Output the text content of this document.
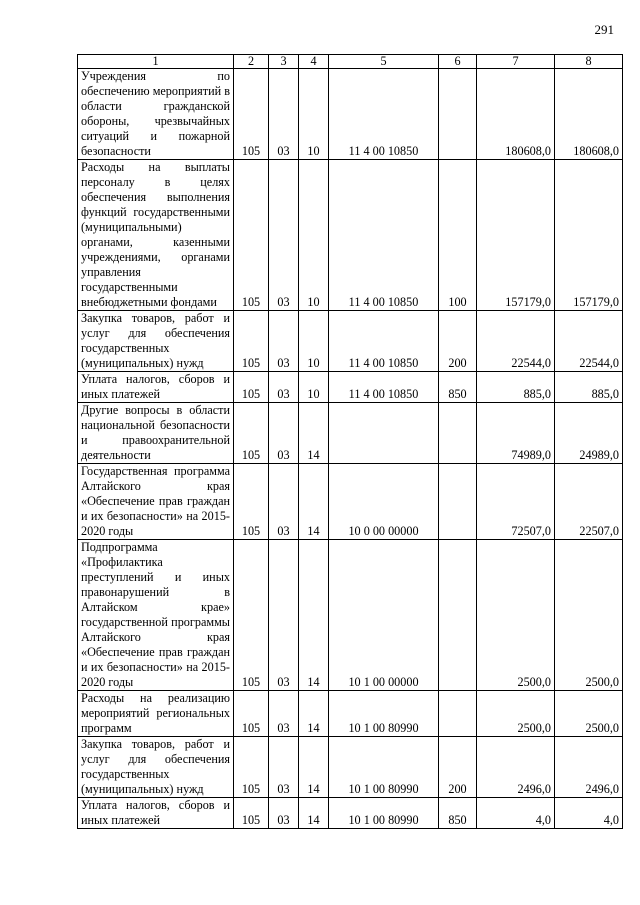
291
1	2	3	4	5	6	7	8
Учреждения по обеспечению мероприятий в области гражданской обороны, чрезвычайных ситуаций и пожарной безопасности	105	03	10	11 4 00 10850		180608,0	180608,0
Расходы на выплаты персоналу в целях обеспечения выполнения функций государственными (муниципальными) органами, казенными учреждениями, органами управления государственными внебюджетными фондами	105	03	10	11 4 00 10850	100	157179,0	157179,0
Закупка товаров, работ и услуг для обеспечения государственных (муниципальных) нужд	105	03	10	11 4 00 10850	200	22544,0	22544,0
Уплата налогов, сборов и иных платежей	105	03	10	11 4 00 10850	850	885,0	885,0
Другие вопросы в области национальной безопасности и правоохранительной деятельности	105	03	14			74989,0	24989,0
Государственная программа Алтайского края «Обеспечение прав граждан и их безопасности» на 2015-2020 годы	105	03	14	10 0 00 00000		72507,0	22507,0
Подпрограмма «Профилактика преступлений и иных правонарушений в Алтайском крае» государственной программы Алтайского края «Обеспечение прав граждан и их безопасности» на 2015-2020 годы	105	03	14	10 1 00 00000		2500,0	2500,0
Расходы на реализацию мероприятий региональных программ	105	03	14	10 1 00 80990		2500,0	2500,0
Закупка товаров, работ и услуг для обеспечения государственных (муниципальных) нужд	105	03	14	10 1 00 80990	200	2496,0	2496,0
Уплата налогов, сборов и иных платежей	105	03	14	10 1 00 80990	850	4,0	4,0
